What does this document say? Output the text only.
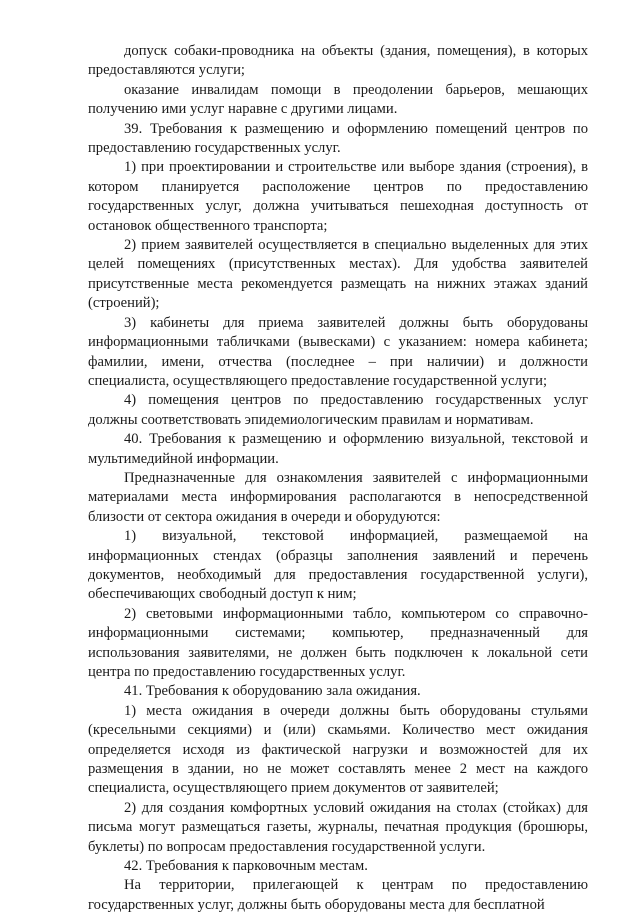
допуск собаки-проводника на объекты (здания, помещения), в которых предоставляются услуги;

оказание инвалидам помощи в преодолении барьеров, мешающих получению ими услуг наравне с другими лицами.

39. Требования к размещению и оформлению помещений центров по предоставлению государственных услуг.

1) при проектировании и строительстве или выборе здания (строения), в котором планируется расположение центров по предоставлению государственных услуг, должна учитываться пешеходная доступность от остановок общественного транспорта;

2) прием заявителей осуществляется в специально выделенных для этих целей помещениях (присутственных местах). Для удобства заявителей присутственные места рекомендуется размещать на нижних этажах зданий (строений);

3) кабинеты для приема заявителей должны быть оборудованы информационными табличками (вывесками) с указанием: номера кабинета; фамилии, имени, отчества (последнее – при наличии) и должности специалиста, осуществляющего предоставление государственной услуги;

4) помещения центров по предоставлению государственных услуг должны соответствовать эпидемиологическим правилам и нормативам.

40. Требования к размещению и оформлению визуальной, текстовой и мультимедийной информации.

Предназначенные для ознакомления заявителей с информационными материалами места информирования располагаются в непосредственной близости от сектора ожидания в очереди и оборудуются:

1) визуальной, текстовой информацией, размещаемой на информационных стендах (образцы заполнения заявлений и перечень документов, необходимый для предоставления государственной услуги), обеспечивающих свободный доступ к ним;

2) световыми информационными табло, компьютером со справочно-информационными системами; компьютер, предназначенный для использования заявителями, не должен быть подключен к локальной сети центра по предоставлению государственных услуг.

41. Требования к оборудованию зала ожидания.

1) места ожидания в очереди должны быть оборудованы стульями (кресельными секциями) и (или) скамьями. Количество мест ожидания определяется исходя из фактической нагрузки и возможностей для их размещения в здании, но не может составлять менее 2 мест на каждого специалиста, осуществляющего прием документов от заявителей;

2) для создания комфортных условий ожидания на столах (стойках) для письма могут размещаться газеты, журналы, печатная продукция (брошюры, буклеты) по вопросам предоставления государственной услуги.

42. Требования к парковочным местам.

На территории, прилегающей к центрам по предоставлению государственных услуг, должны быть оборудованы места для бесплатной
